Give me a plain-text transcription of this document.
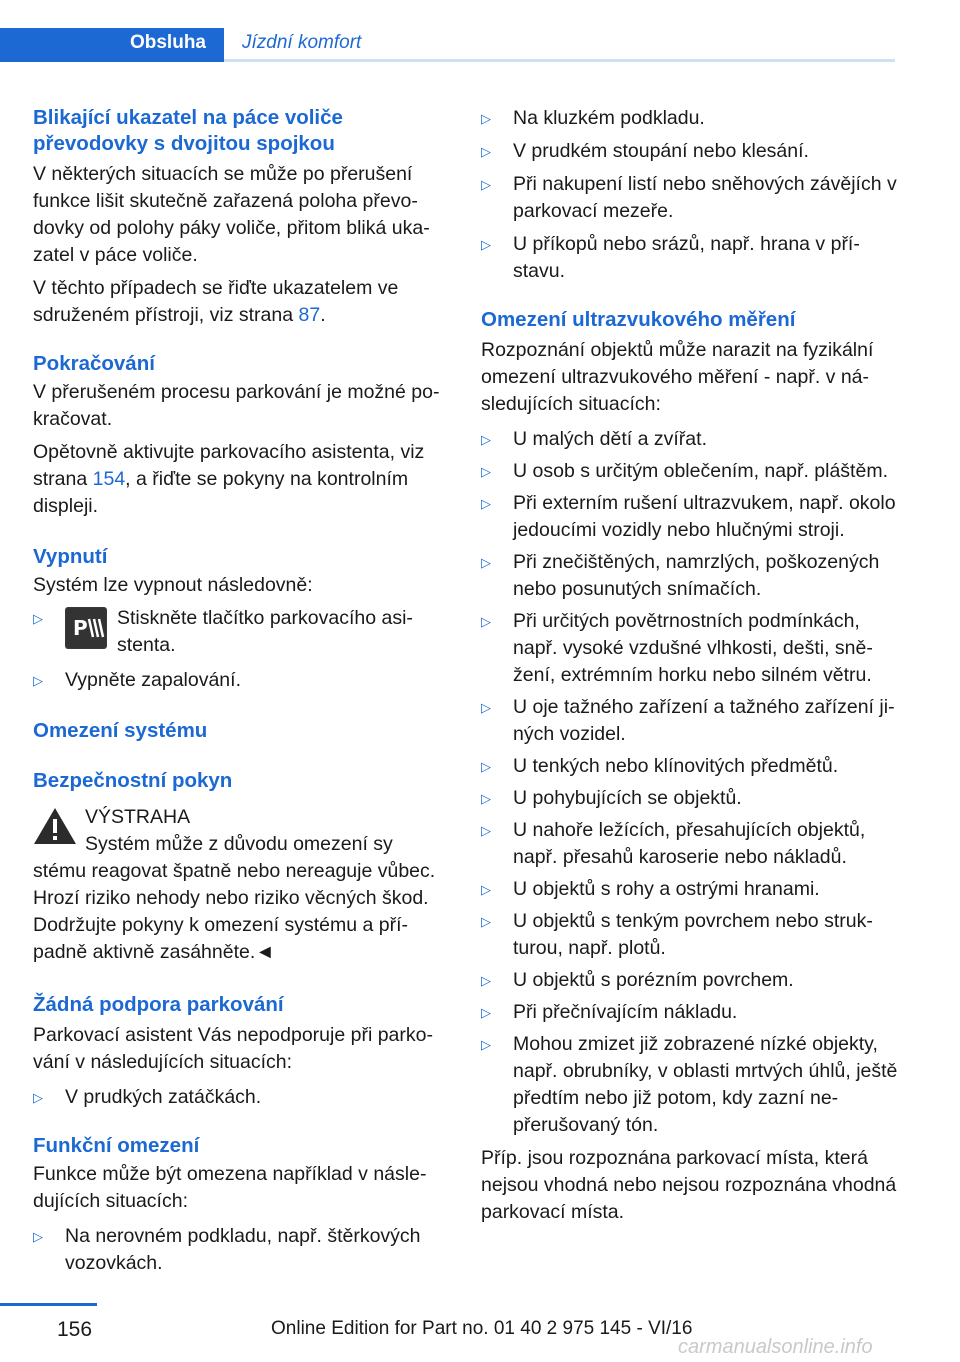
Obsluha Jízdní komfort
Blikající ukazatel na páce voliče převodovky s dvojitou spojkou

V některých situacích se může po přerušení funkce lišit skutečně zařazená poloha převodovky od polohy páky voliče, přitom bliká ukazatel v páce voliče.

V těchto případech se řiďte ukazatelem ve sdruženém přístroji, viz strana 87.

Pokračování

V přerušeném procesu parkování je možné pokračovat.

Opětovně aktivujte parkovacího asistenta, viz strana 154, a řiďte se pokyny na kontrolním displeji.

Vypnutí

Systém lze vypnout následovně:

▷ P Stiskněte tlačítko parkovacího asistenta.
▷ Vypněte zapalování.
Omezení systému
Bezpečnostní pokyn
VÝSTRAHA
Systém může z důvodu omezení sy
stému reagovat špatně nebo nereaguje vůbec. Hrozí riziko nehody nebo riziko věcných škod. Dodržujte pokyny k omezení systému a případně aktivně zasáhněte.◄
Žádná podpora parkování

Parkovací asistent Vás nepodporuje při parkování v následujících situacích:

▷ V prudkých zatáčkách.
Funkční omezení

Funkce může být omezena například v následujících situacích:

▷ Na nerovném podkladu, např. štěrkových vozovkách.
▷ Na kluzkém podkladu.
▷ V prudkém stoupání nebo klesání.
▷ Při nakupení listí nebo sněhových závějích v parkovací mezeře.
▷ U příkopů nebo srázů, např. hrana v přístavu.
Omezení ultrazvukového měření

Rozpoznání objektů může narazit na fyzikální omezení ultrazvukového měření - např. v následujících situacích:

▷ U malých dětí a zvířat.
▷ U osob s určitým oblečením, např. pláštěm.
▷ Při externím rušení ultrazvukem, např. okolo jedoucími vozidly nebo hlučnými stroji.
▷ Při znečištěných, namrzlých, poškozených nebo posunutých snímačích.
▷ Při určitých povětrnostních podmínkách, např. vysoké vzdušné vlhkosti, dešti, sněžení, extrémním horku nebo silném větru.
▷ U oje tažného zařízení a tažného zařízení jiných vozidel.
▷ U tenkých nebo klínovitých předmětů.
▷ U pohybujících se objektů.
▷ U nahoře ležících, přesahujících objektů, např. přesahů karoserie nebo nákladů.
▷ U objektů s rohy a ostrými hranami.
▷ U objektů s tenkým povrchem nebo strukturou, např. plotů.
▷ U objektů s porézním povrchem.
▷ Při přečnívajícím nákladu.
▷ Mohou zmizet již zobrazené nízké objekty, např. obrubníky, v oblasti mrtvých úhlů, ještě předtím nebo již potom, kdy zazní nepřerušovaný tón.

Příp. jsou rozpoznána parkovací místa, která nejsou vhodná nebo nejsou rozpoznána vhodná parkovací místa.

156	Online Edition for Part no. 01 40 2 975 145 - VI/16
carmanualsonline.info
